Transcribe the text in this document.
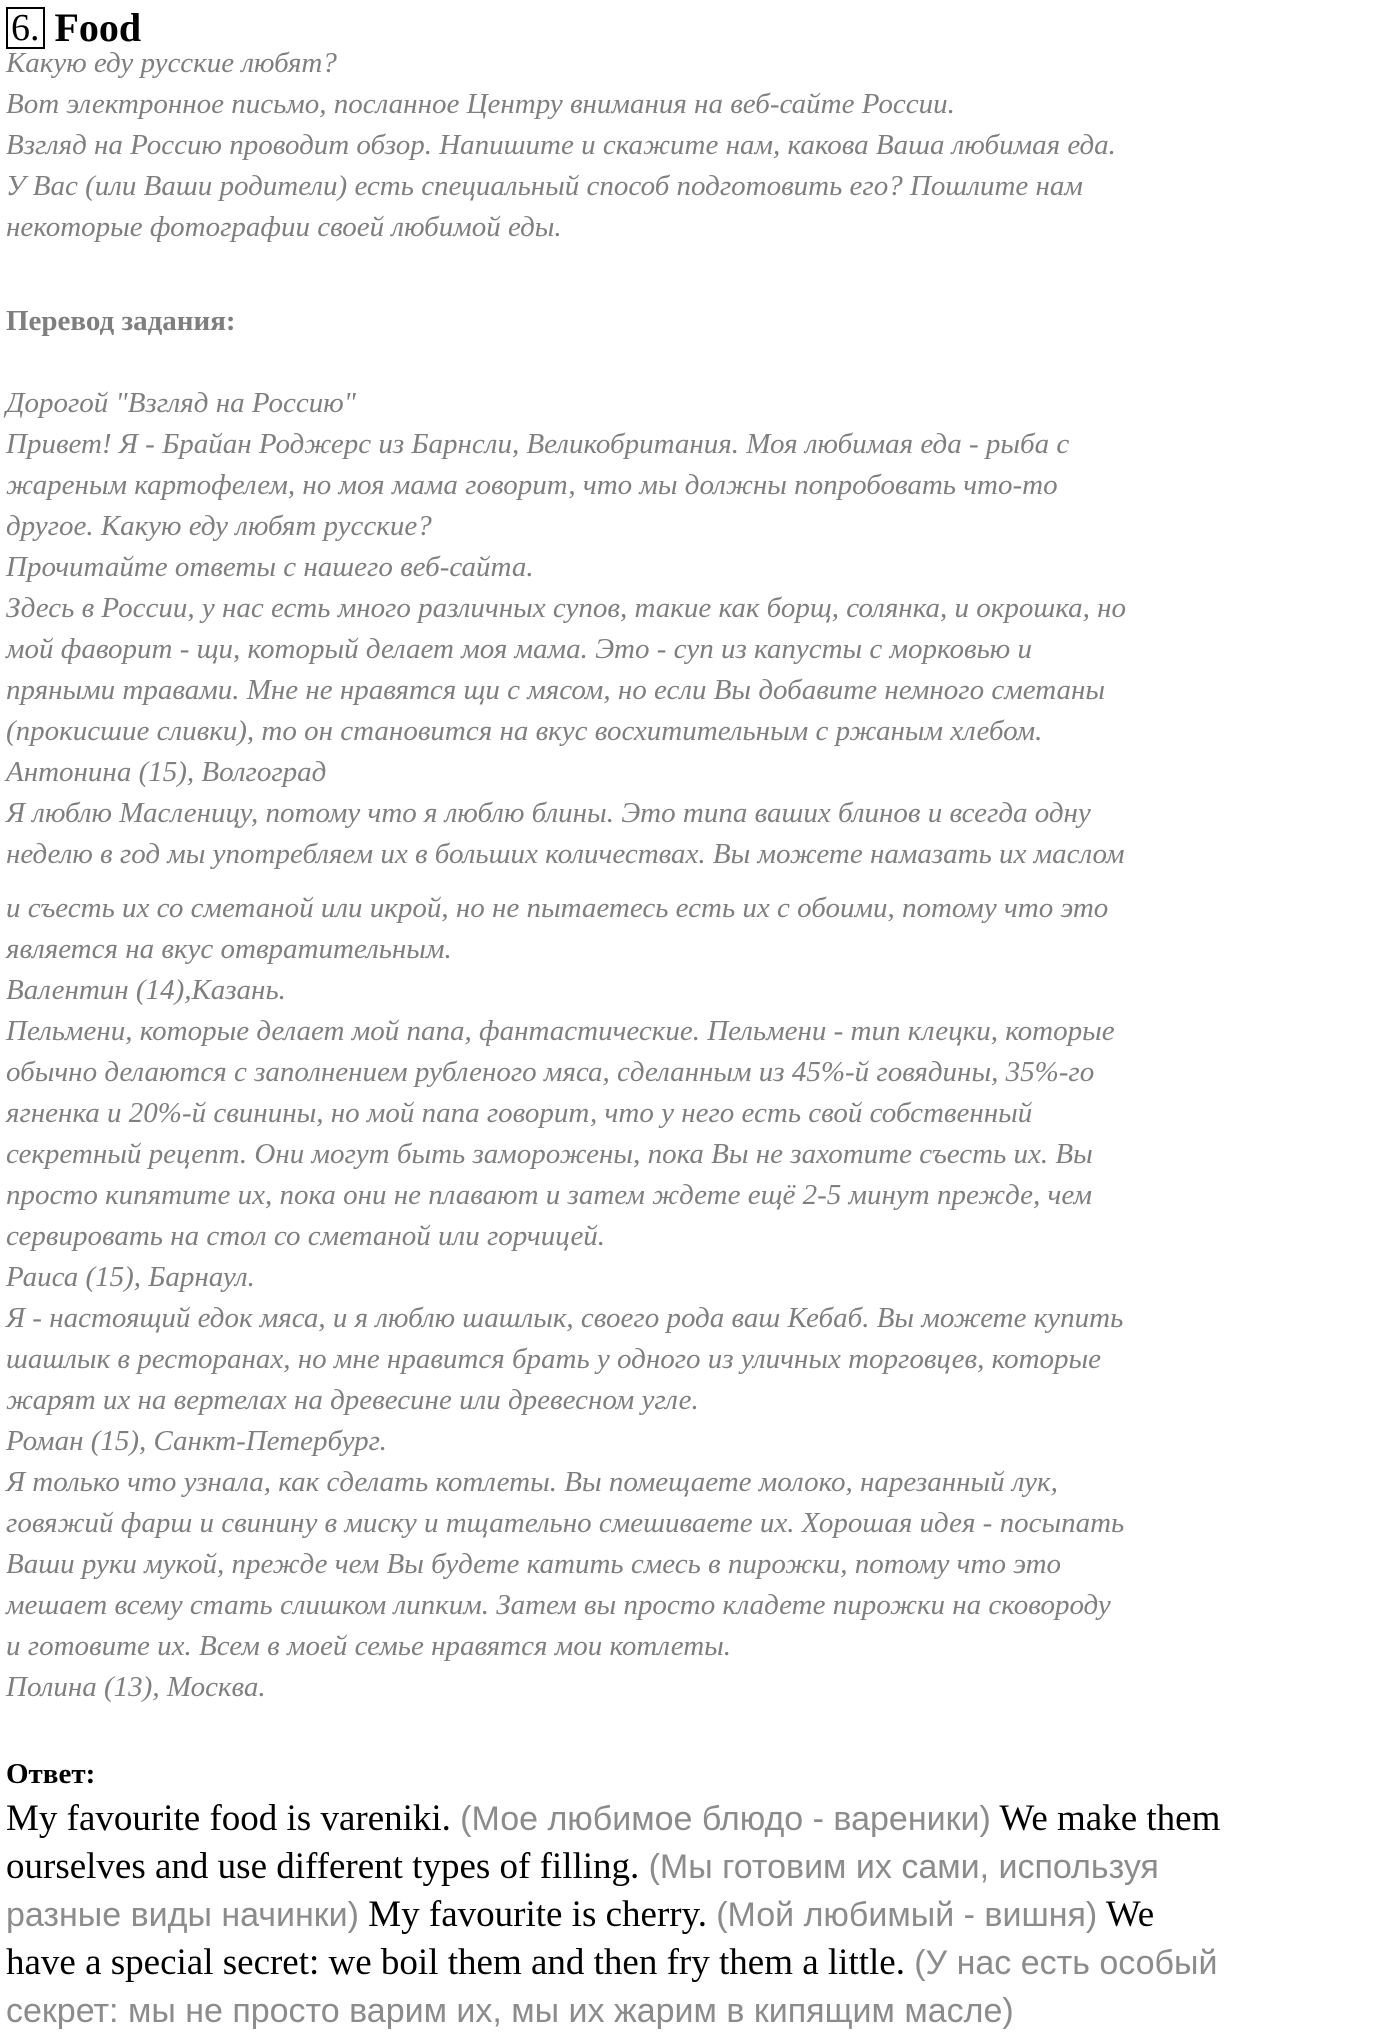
6. Food

Какую еду русские любят?

Вот электронное письмо, посланное Центру внимания на веб-сайте России.

Взгляд на Россию проводит обзор. Напишите и скажите нам, какова Ваша любимая еда.

У Вас (или Ваши родители) есть специальный способ подготовить его? Пошлите нам

некоторые фотографии своей любимой еды.

Перевод задания:

Дорогой "Взгляд на Россию"

Привет! Я - Брайан Роджерс из Барнсли, Великобритания. Моя любимая еда - рыба с

жареным картофелем, но моя мама говорит, что мы должны попробовать что-то

другое. Какую еду любят русские?

Прочитайте ответы с нашего веб-сайта.

Здесь в России, у нас есть много различных супов, такие как борщ, солянка, и окрошка, но

мой фаворит - щи, который делает моя мама. Это - суп из капусты с морковью и

пряными травами. Мне не нравятся щи с мясом, но если Вы добавите немного сметаны

(прокисшие сливки), то он становится на вкус восхитительным с ржаным хлебом.

Антонина (15), Волгоград

Я люблю Масленицу, потому что я люблю блины. Это типа ваших блинов и всегда одну

неделю в год мы употребляем их в больших количествах. Вы можете намазать их маслом

и съесть их со сметаной или икрой, но не пытаетесь есть их с обоими, потому что это

является на вкус отвратительным.

Валентин (14),Казань.

Пельмени, которые делает мой папа, фантастические. Пельмени - тип клецки, которые

обычно делаются с заполнением рубленого мяса, сделанным из 45%-й говядины, 35%-го

ягненка и 20%-й свинины, но мой папа говорит, что у него есть свой собственный

секретный рецепт. Они могут быть заморожены, пока Вы не захотите съесть их. Вы

просто кипятите их, пока они не плавают и затем ждете ещё 2-5 минут прежде, чем

сервировать на стол со сметаной или горчицей.

Раиса (15), Барнаул.

Я - настоящий едок мяса, и я люблю шашлык, своего рода ваш Кебаб. Вы можете купить

шашлык в ресторанах, но мне нравится брать у одного из уличных торговцев, которые

жарят их на вертелах на древесине или древесном угле.

Роман (15), Санкт-Петербург.

Я только что узнала, как сделать котлеты. Вы помещаете молоко, нарезанный лук,

говяжий фарш и свинину в миску и тщательно смешиваете их. Хорошая идея - посыпать

Ваши руки мукой, прежде чем Вы будете катить смесь в пирожки, потому что это

мешает всему стать слишком липким. Затем вы просто кладете пирожки на сковороду

и готовите их. Всем в моей семье нравятся мои котлеты.

Полина (13), Москва.

Ответ:

My favourite food is vareniki. (Мое любимое блюдо - вареники) We make them

ourselves and use different types of filling. (Мы готовим их сами, используя

разные виды начинки) My favourite is cherry. (Мой любимый - вишня) We

have a special secret: we boil them and then fry them a little. (У нас есть особый

секрет: мы не просто варим их, мы их жарим в кипящим масле)
